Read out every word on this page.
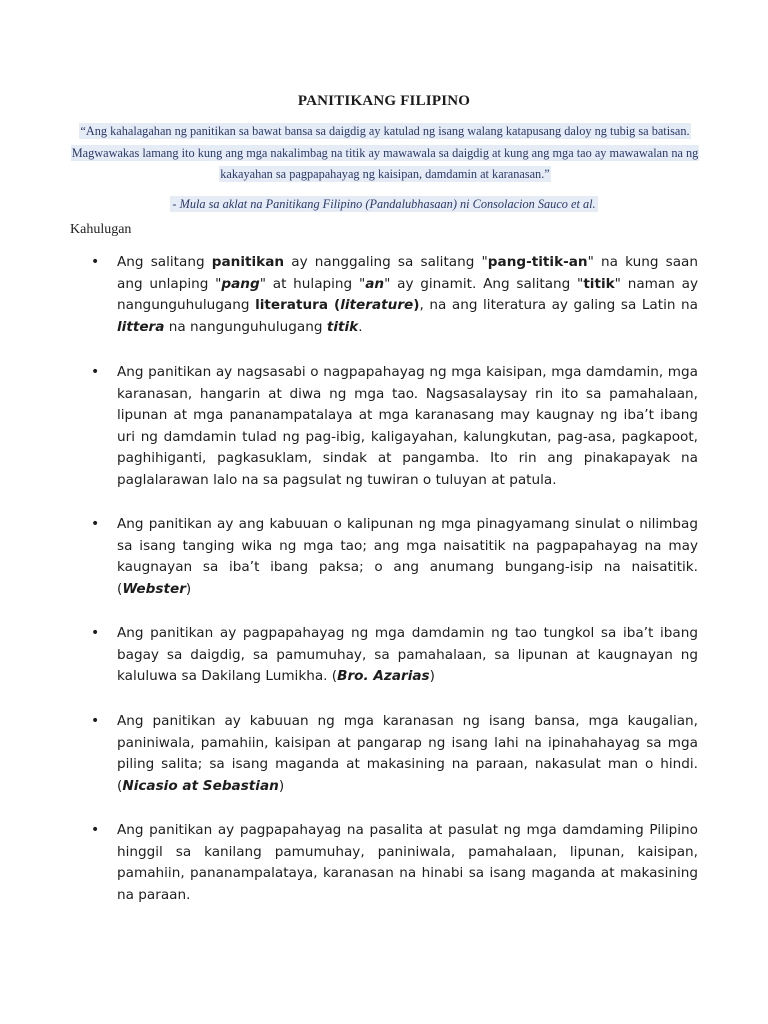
PANITIKANG FILIPINO
“Ang kahalagahan ng panitikan sa bawat bansa sa daigdig ay katulad ng isang walang katapusang daloy ng tubig sa batisan. Magwawakas lamang ito kung ang mga nakalimbag na titik ay mawawala sa daigdig at kung ang mga tao ay mawawalan na ng kakayahan sa pagpapahayag ng kaisipan, damdamin at karanasan.”
- Mula sa aklat na Panitikang Filipino (Pandalubhasaan) ni Consolacion Sauco et al.
Kahulugan
• Ang salitang panitikan ay nanggaling sa salitang "pang-titik-an" na kung saan ang unlaping "pang" at hulaping "an" ay ginamit. Ang salitang "titik" naman ay nangunguhulugang literatura (literature), na ang literatura ay galing sa Latin na littera na nangunguhulugang titik.
• Ang panitikan ay nagsasabi o nagpapahayag ng mga kaisipan, mga damdamin, mga karanasan, hangarin at diwa ng mga tao. Nagsasalaysay rin ito sa pamahalaan, lipunan at mga pananampatalaya at mga karanasang may kaugnay ng iba’t ibang uri ng damdamin tulad ng pag-ibig, kaligayahan, kalungkutan, pag-asa, pagkapoot, paghihiganti, pagkasuklam, sindak at pangamba. Ito rin ang pinakapayak na paglalarawan lalo na sa pagsulat ng tuwiran o tuluyan at patula.
• Ang panitikan ay ang kabuuan o kalipunan ng mga pinagyamang sinulat o nilimbag sa isang tanging wika ng mga tao; ang mga naisatitik na pagpapahayag na may kaugnayan sa iba’t ibang paksa; o ang anumang bungang-isip na naisatitik. (Webster)
• Ang panitikan ay pagpapahayag ng mga damdamin ng tao tungkol sa iba’t ibang bagay sa daigdig, sa pamumuhay, sa pamahalaan, sa lipunan at kaugnayan ng kaluluwa sa Dakilang Lumikha. (Bro. Azarias)
• Ang panitikan ay kabuuan ng mga karanasan ng isang bansa, mga kaugalian, paniniwala, pamahiin, kaisipan at pangarap ng isang lahi na ipinahahayag sa mga piling salita; sa isang maganda at makasining na paraan, nakasulat man o hindi. (Nicasio at Sebastian)
• Ang panitikan ay pagpapahayag na pasalita at pasulat ng mga damdaming Pilipino hinggil sa kanilang pamumuhay, paniniwala, pamahalaan, lipunan, kaisipan, pamahiin, pananampalataya, karanasan na hinabi sa isang maganda at makasining na paraan.
